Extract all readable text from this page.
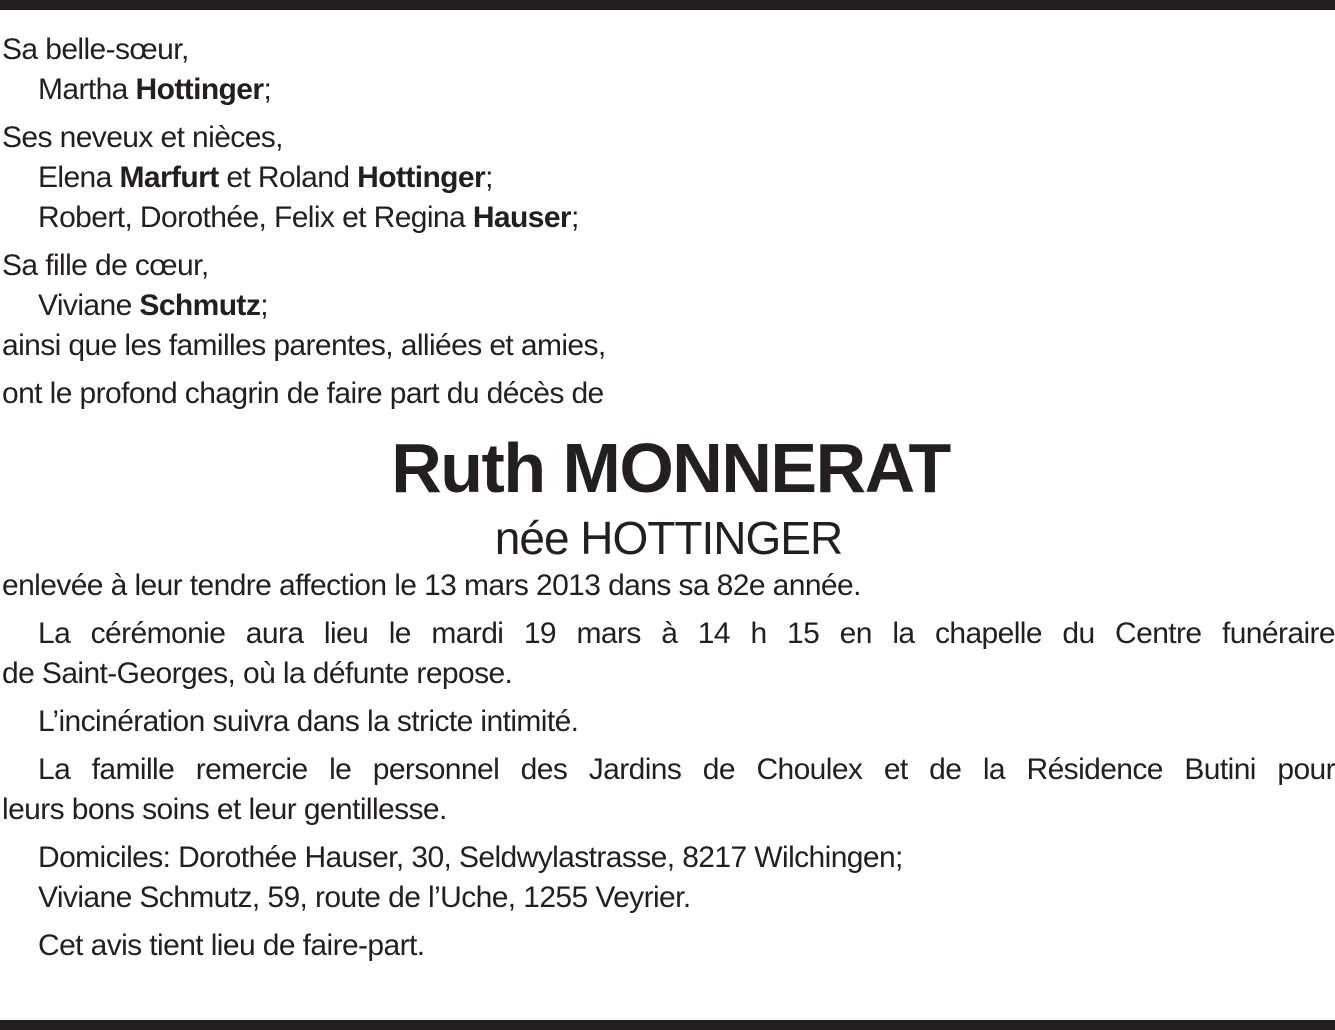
Sa belle-sœur,
Martha Hottinger;
Ses neveux et nièces,
Elena Marfurt et Roland Hottinger;
Robert, Dorothée, Felix et Regina Hauser;
Sa fille de cœur,
Viviane Schmutz;
ainsi que les familles parentes, alliées et amies,
ont le profond chagrin de faire part du décès de
Ruth MONNERAT
née HOTTINGER
enlevée à leur tendre affection le 13 mars 2013 dans sa 82e année.
La cérémonie aura lieu le mardi 19 mars à 14 h 15 en la chapelle du Centre funéraire
de Saint-Georges, où la défunte repose.
L’incinération suivra dans la stricte intimité.
La famille remercie le personnel des Jardins de Choulex et de la Résidence Butini pour
leurs bons soins et leur gentillesse.
Domiciles: Dorothée Hauser, 30, Seldwylastrasse, 8217 Wilchingen;
Viviane Schmutz, 59, route de l’Uche, 1255 Veyrier.
Cet avis tient lieu de faire-part.
